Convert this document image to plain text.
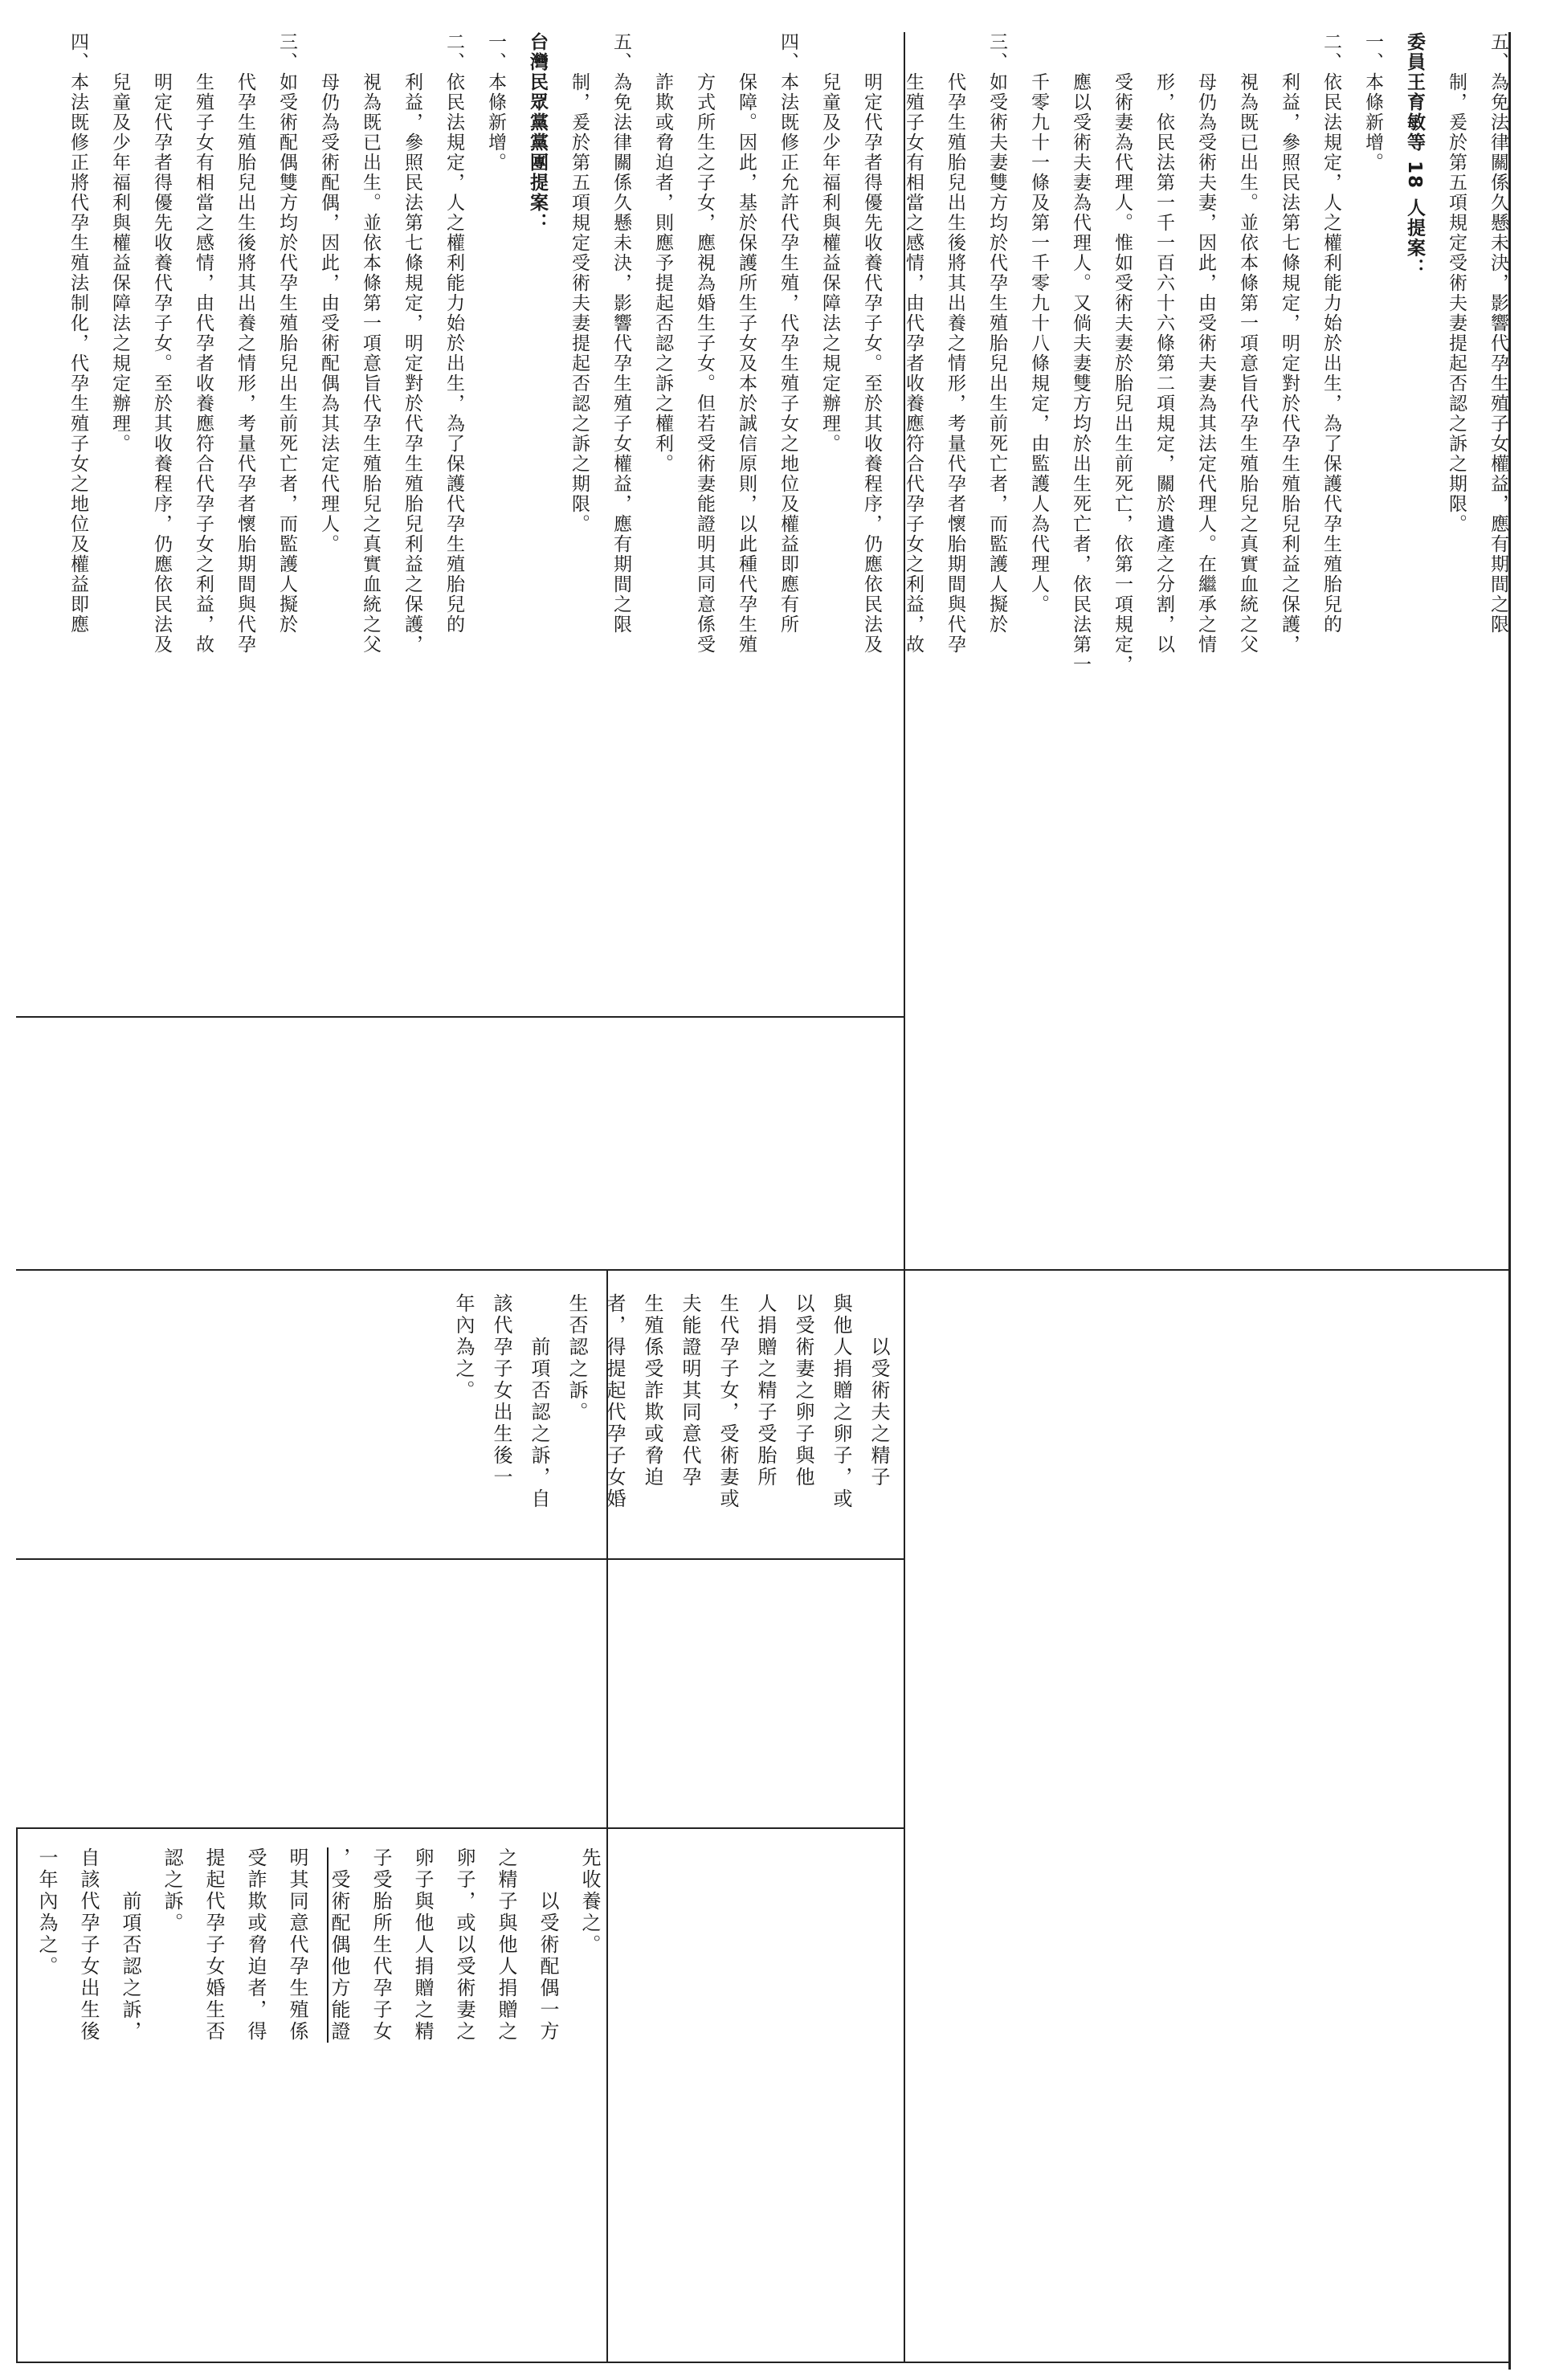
先收養之。
　　以受術配偶一方
之精子與他人捐贈之
卵子，或以受術妻之
卵子與他人捐贈之精
子受胎所生代孕子女
，受術配偶他方能證
明其同意代孕生殖係
受詐欺或脅迫者，得
提起代孕子女婚生否
認之訴。
　　前項否認之訴，
自該代孕子女出生後
一年內為之。
　　以受術夫之精子
與他人捐贈之卵子，或
以受術妻之卵子與他
人捐贈之精子受胎所
生代孕子女，受術妻或
夫能證明其同意代孕
生殖係受詐欺或脅迫
者，得提起代孕子女婚
生否認之訴。
　　前項否認之訴，自
該代孕子女出生後一
年內為之。
五、為免法律關係久懸未決，影響代孕生殖子女權益，應有期間之限
　　制，爰於第五項規定受術夫妻提起否認之訴之期限。
委員王育敏等 18 人提案：
一、本條新增。
二、依民法規定，人之權利能力始於出生，為了保護代孕生殖胎兒的
　　利益，參照民法第七條規定，明定對於代孕生殖胎兒利益之保護，
　　視為既已出生。並依本條第一項意旨代孕生殖胎兒之真實血統之父
　　母仍為受術夫妻，因此，由受術夫妻為其法定代理人。在繼承之情
　　形，依民法第一千一百六十六條第二項規定，關於遺產之分割，以
　　受術妻為代理人。惟如受術夫妻於胎兒出生前死亡，依第一項規定，
　　應以受術夫妻為代理人。又倘夫妻雙方均於出生死亡者，依民法第一
　　千零九十一條及第一千零九十八條規定，由監護人為代理人。
三、如受術夫妻雙方均於代孕生殖胎兒出生前死亡者，而監護人擬於
　　代孕生殖胎兒出生後將其出養之情形，考量代孕者懷胎期間與代孕
　　生殖子女有相當之感情，由代孕者收養應符合代孕子女之利益，故
　　明定代孕者得優先收養代孕子女。至於其收養程序，仍應依民法及
　　兒童及少年福利與權益保障法之規定辦理。
四、本法既修正允許代孕生殖，代孕生殖子女之地位及權益即應有所
　　保障。因此，基於保護所生子女及本於誠信原則，以此種代孕生殖
　　方式所生之子女，應視為婚生子女。但若受術妻能證明其同意係受
　　詐欺或脅迫者，則應予提起否認之訴之權利。
五、為免法律關係久懸未決，影響代孕生殖子女權益，應有期間之限
　　制，爰於第五項規定受術夫妻提起否認之訴之期限。
台灣民眾黨黨團提案：
一、本條新增。
二、依民法規定，人之權利能力始於出生，為了保護代孕生殖胎兒的
　　利益，參照民法第七條規定，明定對於代孕生殖胎兒利益之保護，
　　視為既已出生。並依本條第一項意旨代孕生殖胎兒之真實血統之父
　　母仍為受術配偶，因此，由受術配偶為其法定代理人。
三、如受術配偶雙方均於代孕生殖胎兒出生前死亡者，而監護人擬於
　　代孕生殖胎兒出生後將其出養之情形，考量代孕者懷胎期間與代孕
　　生殖子女有相當之感情，由代孕者收養應符合代孕子女之利益，故
　　明定代孕者得優先收養代孕子女。至於其收養程序，仍應依民法及
　　兒童及少年福利與權益保障法之規定辦理。
四、本法既修正將代孕生殖法制化，代孕生殖子女之地位及權益即應
